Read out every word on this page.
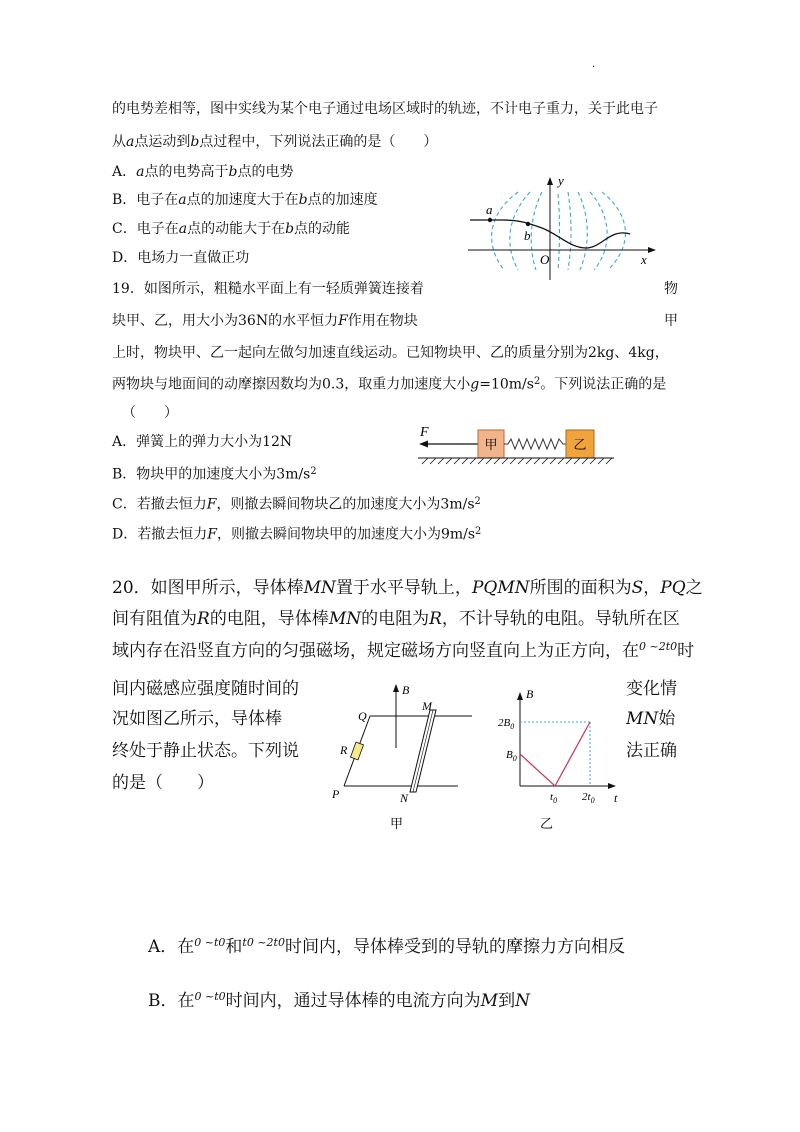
·
的电势差相等，图中实线为某个电子通过电场区域时的轨迹，不计电子重力，关于此电子
从a点运动到b点过程中，下列说法正确的是（　　）
A．a点的电势高于b点的电势
B．电子在a点的加速度大于在b点的加速度
C．电子在a点的动能大于在b点的动能
D．电场力一直做正功
a
b
y
x
O
19．如图所示，粗糙水平面上有一轻质弹簧连接着	物
块甲、乙，用大小为36N的水平恒力F作用在物块	甲
上时，物块甲、乙一起向左做匀加速直线运动。已知物块甲、乙的质量分别为2kg、4kg，
两物块与地面间的动摩擦因数均为0.3，取重力加速度大小$g=10m/s^2$。下列说法正确的是
（　　）
A．弹簧上的弹力大小为12N
B．物块甲的加速度大小为$3m/s^2$
C．若撤去恒力F，则撤去瞬间物块乙的加速度大小为$3m/s^2$
D．若撤去恒力F，则撤去瞬间物块甲的加速度大小为$9m/s^2$
F
甲	乙
20．如图甲所示，导体棒MN置于水平导轨上，PQMN所围的面积为S，PQ之
间有阻值为R的电阻，导体棒MN的电阻为R，不计导轨的电阻。导轨所在区
域内存在沿竖直方向的匀强磁场，规定磁场方向竖直向上为正方向，在$^{0 \sim 2t0}$时
间内磁感应强度随时间的	变化情
况如图乙所示，导体棒	MN始
终处于静止状态。下列说	法正确
的是（　　）
B
Q
M
R
P	N
甲
B
t
$2B_0$
$B_0$
$t_0$ $2t_0$
乙
A．在$^{0 \sim t0}$和$^{t0}$ $^{\sim 2t0}$时间内，导体棒受到的导轨的摩擦力方向相反
B．在$^{0 \sim t0}$时间内，通过导体棒的电流方向为M到N
